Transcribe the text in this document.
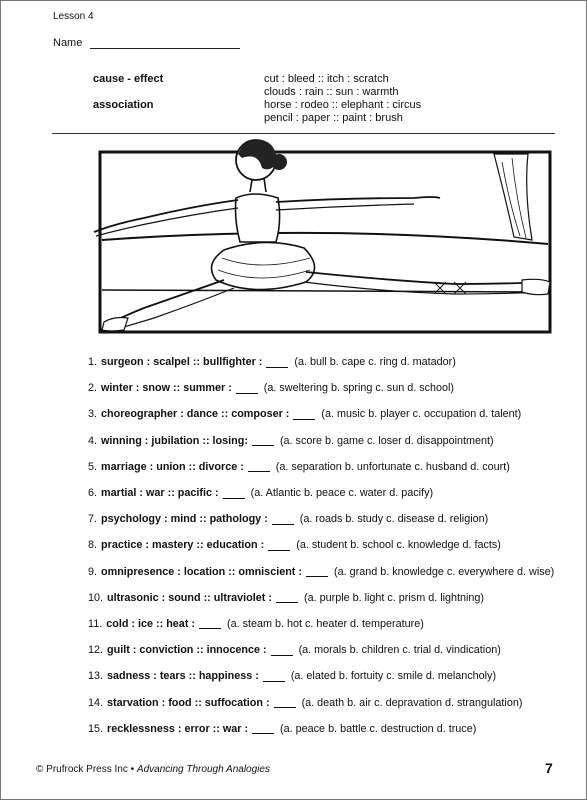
Lesson 4
Name
cause - effect	cut : bleed :: itch : scratch
clouds : rain :: sun : warmth
association	horse : rodeo :: elephant : circus
pencil : paper :: paint : brush
1. surgeon : scalpel :: bullfighter :	(a. bull b. cape c. ring d. matador)
2. winter : snow :: summer :	(a. sweltering b. spring c. sun d. school)
3. choreographer : dance :: composer :	(a. music b. player c. occupation d. talent)
4. winning : jubilation :: losing:	(a. score b. game c. loser d. disappointment)
5. marriage : union :: divorce :	(a. separation b. unfortunate c. husband d. court)
6. martial : war :: pacific :	(a. Atlantic b. peace c. water d. pacify)
7. psychology : mind :: pathology :	(a. roads b. study c. disease d. religion)
8. practice : mastery :: education :	(a. student b. school c. knowledge d. facts)
9. omnipresence : location :: omniscient :	(a. grand b. knowledge c. everywhere d. wise)
10. ultrasonic : sound :: ultraviolet :	(a. purple b. light c. prism d. lightning)
11. cold : ice :: heat :	(a. steam b. hot c. heater d. temperature)
12. guilt : conviction :: innocence :	(a. morals b. children c. trial d. vindication)
13. sadness : tears :: happiness :	(a. elated b. fortuity c. smile d. melancholy)
14. starvation : food :: suffocation :	(a. death b. air c. depravation d. strangulation)
15. recklessness : error :: war :	(a. peace b. battle c. destruction d. truce)
© Prufrock Press Inc • Advancing Through Analogies	7
